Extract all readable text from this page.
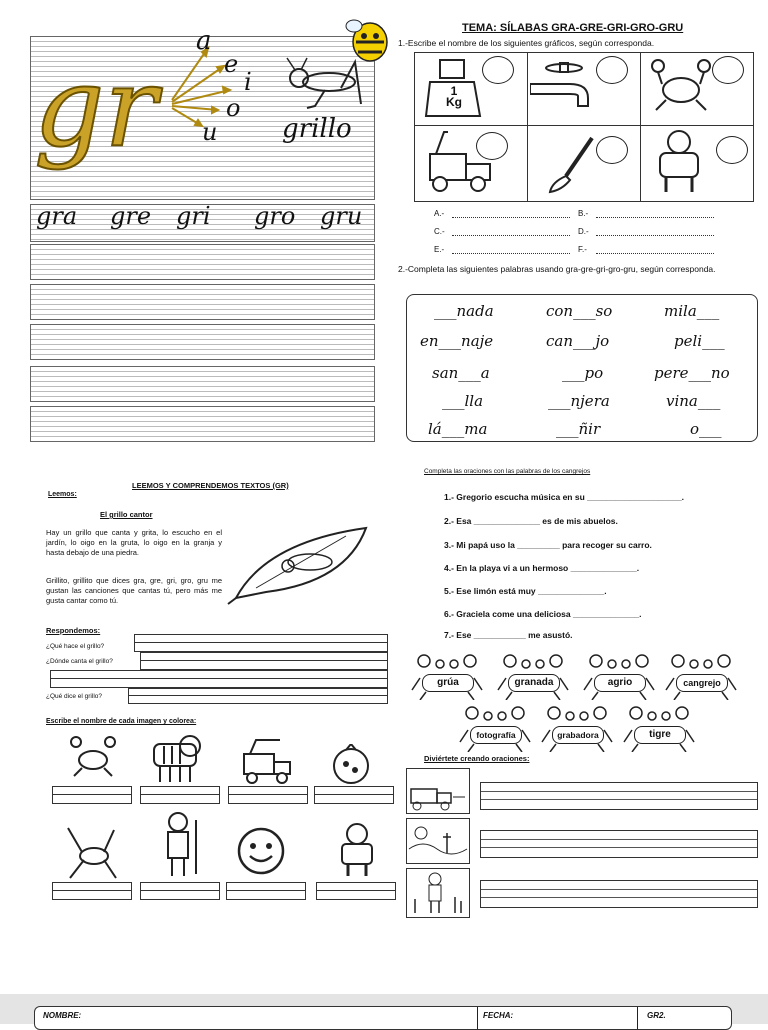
gr
a
e
i
o
u grillo
gra gre gri gro gru
TEMA: SÍLABAS GRA-GRE-GRI-GRO-GRU
1.-Escribe el nombre de los siguientes gráficos, según corresponda.
1 Kg
A.-	B.-
C.-	D.-
E.-	F.-
2.-Completa las siguientes palabras usando gra-gre-gri-gro-gru, según corresponda.
___nada	con___so	mila___
en___naje	can___jo	peli___
san___a	___po	pere___no
___lla	___njera	vina___
lá___ma	___ñir	o___
LEEMOS Y COMPRENDEMOS TEXTOS (GR)
Leemos:
El grillo cantor
Hay un grillo que canta y grita, lo escucho en el jardín, lo oigo en la gruta, lo oigo en la granja y hasta debajo de una piedra.
Grillito, grillito que dices gra, gre, gri, gro, gru me gustan las canciones que cantas tú, pero más me gusta cantar como tú.
Respondemos:
¿Qué hace el grillo?
¿Dónde canta el grillo?
¿Qué dice el grillo?
Escribe el nombre de cada imagen y colorea:
Completa las oraciones con las palabras de los cangrejos
1.- Gregorio escucha música en su ____________________.
2.- Esa ______________ es de mis abuelos.
3.- Mi papá uso la _________ para recoger su carro.
4.- En la playa vi a un hermoso ______________.
5.- Ese limón está muy ______________.
6.- Graciela come una deliciosa ______________.
7.- Ese ___________ me asustó.
grúa	granada	agrio	cangrejo
fotografía	grabadora	tigre
Diviértete creando oraciones:
NOMBRE:	FECHA:	GR2.
